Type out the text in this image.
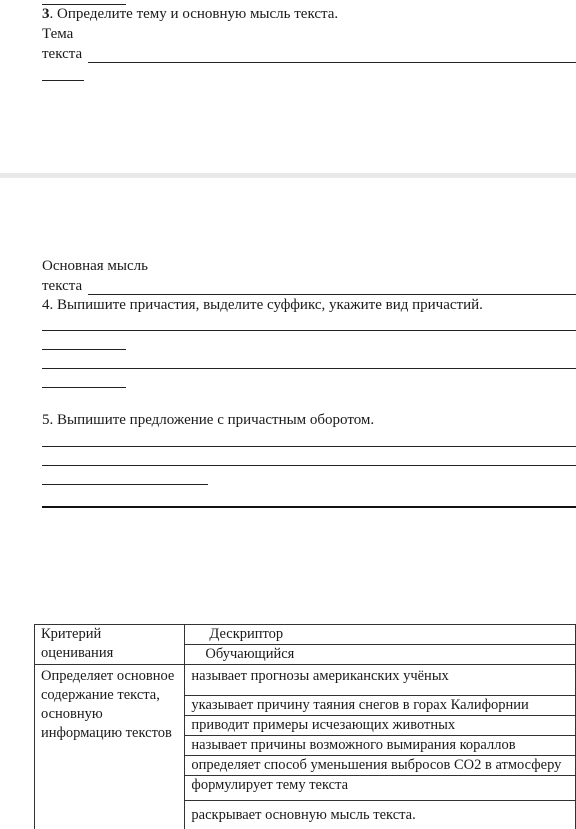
3. Определите тему и основную мысль текста.
Тема
текста
Основная мысль
текста
4. Выпишите причастия, выделите суффикс, укажите вид причастий.
5. Выпишите предложение с причастным оборотом.
Критерий
оценивания	Дескриптор
	Обучающийся

Определяет основное
содержание текста,
основную
информацию текстов	называет прогнозы американских учёных
	указывает причину таяния снегов в горах Калифорнии
	приводит примеры исчезающих животных
	называет причины возможного вымирания кораллов
	определяет способ уменьшения выбросов СО2 в атмосферу
	формулирует тему текста
	раскрывает основную мысль текста.
